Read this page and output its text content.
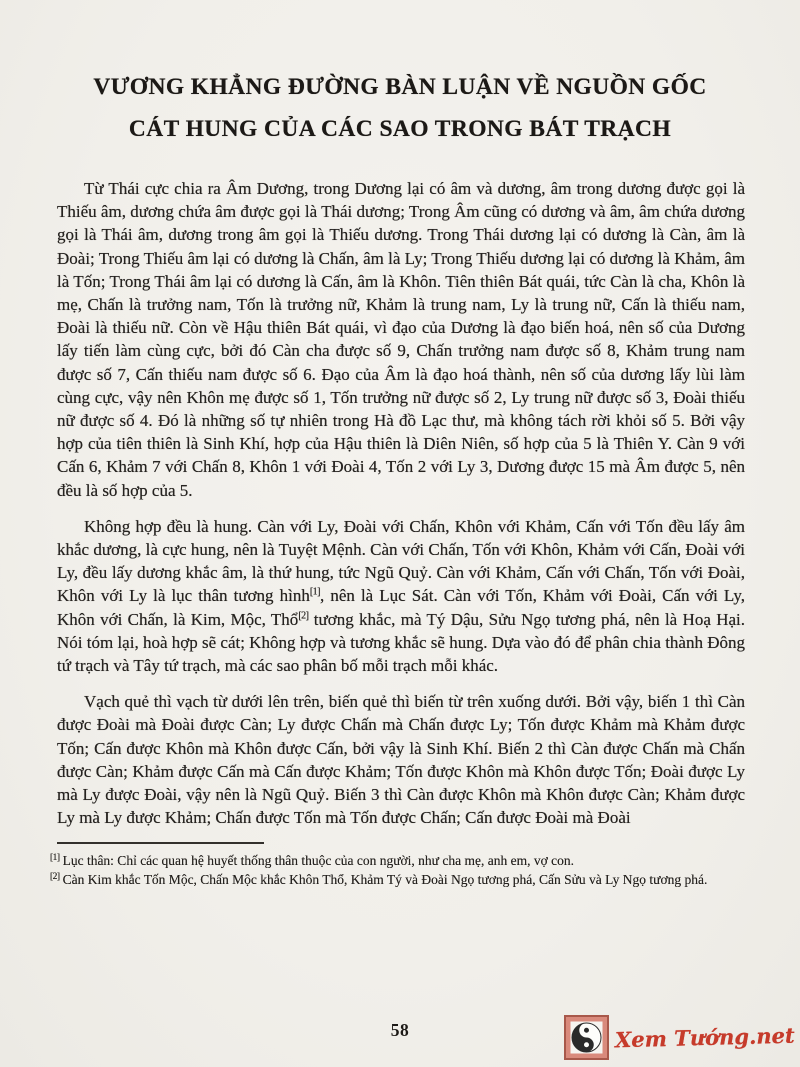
VƯƠNG KHẲNG ĐƯỜNG BÀN LUẬN VỀ NGUỒN GỐC
CÁT HUNG CỦA CÁC SAO TRONG BÁT TRẠCH

Từ Thái cực chia ra Âm Dương, trong Dương lại có âm và dương, âm trong dương được gọi là Thiếu âm, dương chứa âm được gọi là Thái dương; Trong Âm cũng có dương và âm, âm chứa dương gọi là Thái âm, dương trong âm gọi là Thiếu dương. Trong Thái dương lại có dương là Càn, âm là Đoài; Trong Thiếu âm lại có dương là Chấn, âm là Ly; Trong Thiếu dương lại có dương là Khảm, âm là Tốn; Trong Thái âm lại có dương là Cấn, âm là Khôn. Tiên thiên Bát quái, tức Càn là cha, Khôn là mẹ, Chấn là trưởng nam, Tốn là trưởng nữ, Khảm là trung nam, Ly là trung nữ, Cấn là thiếu nam, Đoài là thiếu nữ. Còn về Hậu thiên Bát quái, vì đạo của Dương là đạo biến hoá, nên số của Dương lấy tiến làm cùng cực, bởi đó Càn cha được số 9, Chấn trưởng nam được số 8, Khảm trung nam được số 7, Cấn thiếu nam được số 6. Đạo của Âm là đạo hoá thành, nên số của dương lấy lùi làm cùng cực, vậy nên Khôn mẹ được số 1, Tốn trưởng nữ được số 2, Ly trung nữ được số 3, Đoài thiếu nữ được số 4. Đó là những số tự nhiên trong Hà đồ Lạc thư, mà không tách rời khỏi số 5. Bởi vậy hợp của tiên thiên là Sinh Khí, hợp của Hậu thiên là Diên Niên, số hợp của 5 là Thiên Y. Càn 9 với Cấn 6, Khảm 7 với Chấn 8, Khôn 1 với Đoài 4, Tốn 2 với Ly 3, Dương được 15 mà Âm được 5, nên đều là số hợp của 5.

Không hợp đều là hung. Càn với Ly, Đoài với Chấn, Khôn với Khảm, Cấn với Tốn đều lấy âm khắc dương, là cực hung, nên là Tuyệt Mệnh. Càn với Chấn, Tốn với Khôn, Khảm với Cấn, Đoài với Ly, đều lấy dương khắc âm, là thứ hung, tức Ngũ Quỷ. Càn với Khảm, Cấn với Chấn, Tốn với Đoài, Khôn với Ly là lục thân tương hình[1], nên là Lục Sát. Càn với Tốn, Khảm với Đoài, Cấn với Ly, Khôn với Chấn, là Kim, Mộc, Thổ[2] tương khắc, mà Tý Dậu, Sửu Ngọ tương phá, nên là Hoạ Hại. Nói tóm lại, hoà hợp sẽ cát; Không hợp và tương khắc sẽ hung. Dựa vào đó để phân chia thành Đông tứ trạch và Tây tứ trạch, mà các sao phân bố mỗi trạch mỗi khác.

Vạch quẻ thì vạch từ dưới lên trên, biến quẻ thì biến từ trên xuống dưới. Bởi vậy, biến 1 thì Càn được Đoài mà Đoài được Càn; Ly được Chấn mà Chấn được Ly; Tốn được Khảm mà Khảm được Tốn; Cấn được Khôn mà Khôn được Cấn, bởi vậy là Sinh Khí. Biến 2 thì Càn được Chấn mà Chấn được Càn; Khảm được Cấn mà Cấn được Khảm; Tốn được Khôn mà Khôn được Tốn; Đoài được Ly mà Ly được Đoài, vậy nên là Ngũ Quỷ. Biến 3 thì Càn được Khôn mà Khôn được Càn; Khảm được Ly mà Ly được Khảm; Chấn được Tốn mà Tốn được Chấn; Cấn được Đoài mà Đoài

[1] Lục thân: Chỉ các quan hệ huyết thống thân thuộc của con người, như cha mẹ, anh em, vợ con.
[2] Càn Kim khắc Tốn Mộc, Chấn Mộc khắc Khôn Thổ, Khảm Tý và Đoài Ngọ tương phá, Cấn Sửu và Ly Ngọ tương phá.
58	Xem Tướng.net
